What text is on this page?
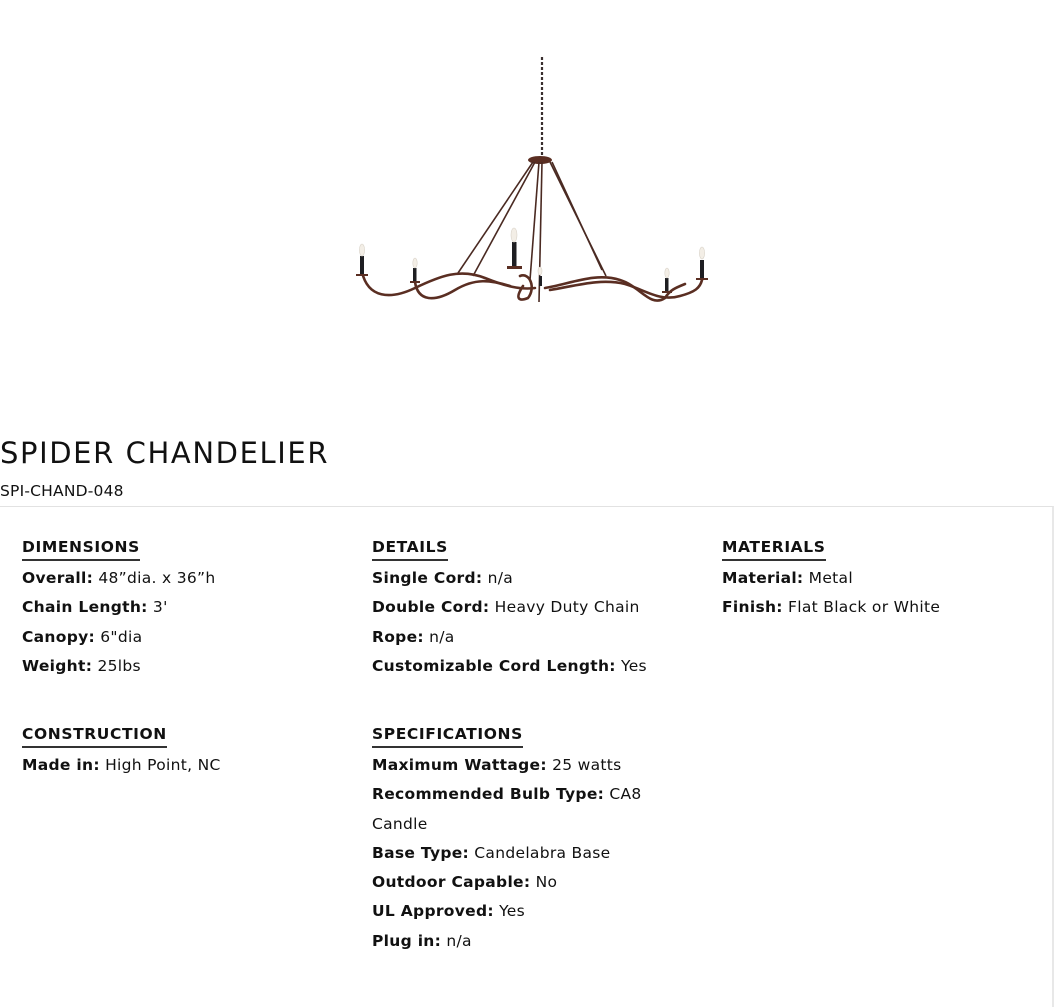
SPIDER CHANDELIER
SPI-CHAND-048
DIMENSIONS
Overall: 48”dia. x 36”h
Chain Length: 3'
Canopy: 6"dia
Weight: 25lbs
DETAILS
Single Cord: n/a
Double Cord: Heavy Duty Chain
Rope: n/a
Customizable Cord Length: Yes
MATERIALS
Material: Metal
Finish: Flat Black or White
CONSTRUCTION
Made in: High Point, NC
SPECIFICATIONS
Maximum Wattage: 25 watts
Recommended Bulb Type: CA8 Candle
Base Type: Candelabra Base
Outdoor Capable: No
UL Approved: Yes
Plug in: n/a
